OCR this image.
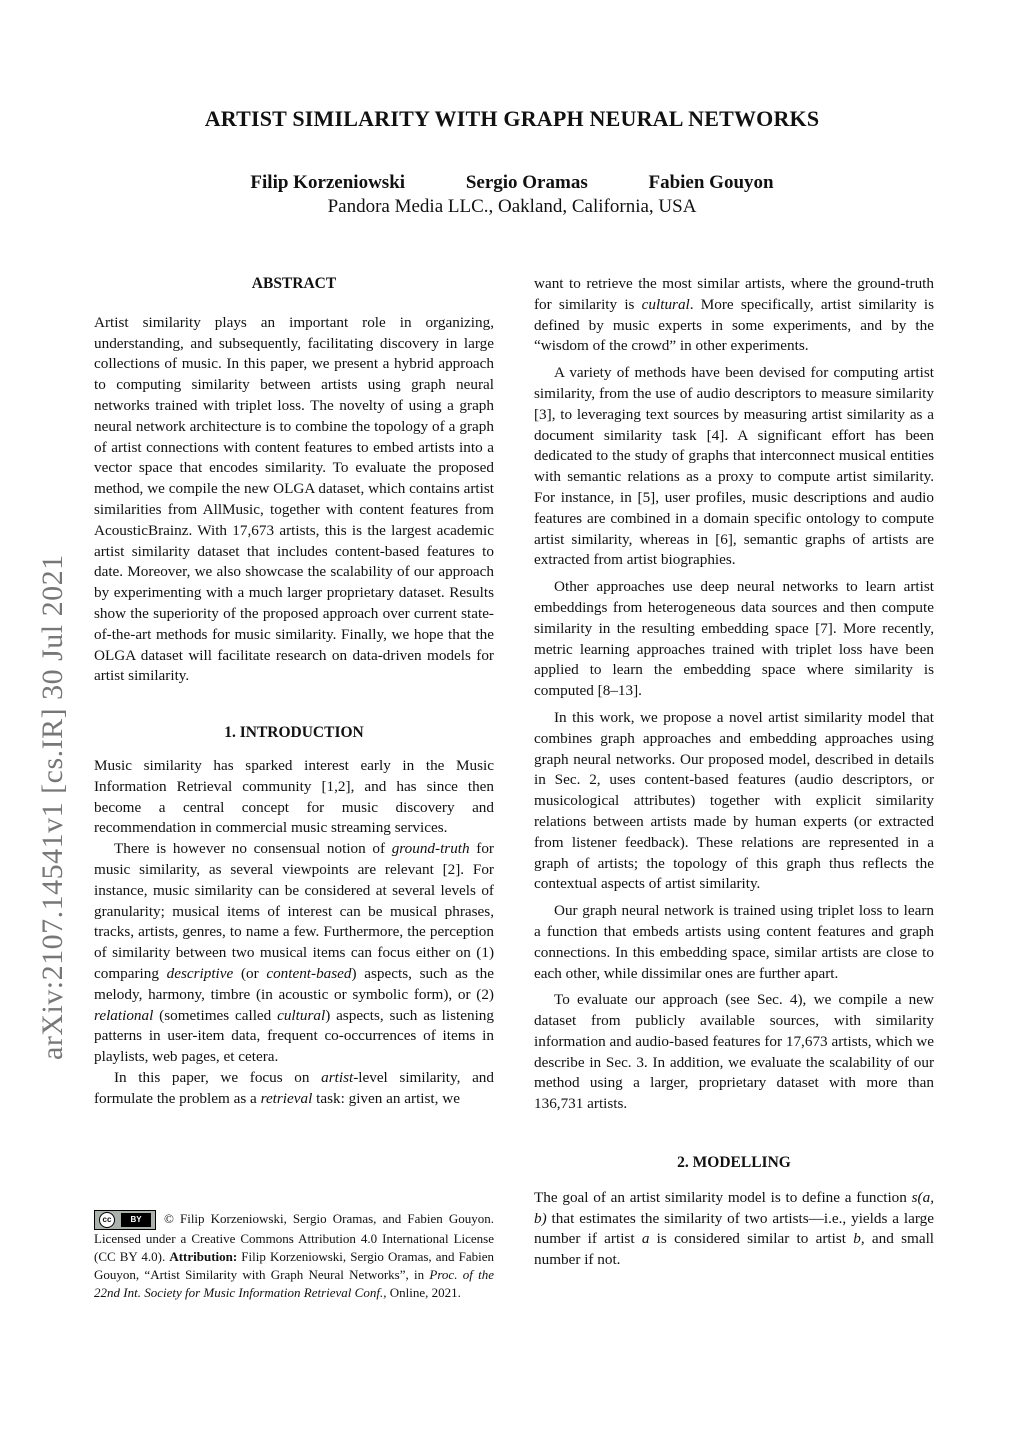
ARTIST SIMILARITY WITH GRAPH NEURAL NETWORKS
Filip Korzeniowski	Sergio Oramas	Fabien Gouyon
Pandora Media LLC., Oakland, California, USA
arXiv:2107.14541v1 [cs.IR] 30 Jul 2021

ABSTRACT

Artist similarity plays an important role in organizing, understanding, and subsequently, facilitating discovery in large collections of music. In this paper, we present a hybrid approach to computing similarity between artists using graph neural networks trained with triplet loss. The novelty of using a graph neural network architecture is to combine the topology of a graph of artist connections with content features to embed artists into a vector space that encodes similarity. To evaluate the proposed method, we compile the new OLGA dataset, which contains artist similarities from AllMusic, together with content features from AcousticBrainz. With 17,673 artists, this is the largest academic artist similarity dataset that includes content-based features to date. Moreover, we also showcase the scalability of our approach by experimenting with a much larger proprietary dataset. Results show the superiority of the proposed approach over current state-of-the-art methods for music similarity. Finally, we hope that the OLGA dataset will facilitate research on data-driven models for artist similarity.

1. INTRODUCTION

Music similarity has sparked interest early in the Music Information Retrieval community [1,2], and has since then become a central concept for music discovery and recommendation in commercial music streaming services.

There is however no consensual notion of ground-truth for music similarity, as several viewpoints are relevant [2]. For instance, music similarity can be considered at several levels of granularity; musical items of interest can be musical phrases, tracks, artists, genres, to name a few. Furthermore, the perception of similarity between two musical items can focus either on (1) comparing descriptive (or content-based) aspects, such as the melody, harmony, timbre (in acoustic or symbolic form), or (2) relational (sometimes called cultural) aspects, such as listening patterns in user-item data, frequent co-occurrences of items in playlists, web pages, et cetera.

In this paper, we focus on artist-level similarity, and formulate the problem as a retrieval task: given an artist, we

cc	BY	© Filip Korzeniowski, Sergio Oramas, and Fabien Gouyon. Licensed under a Creative Commons Attribution 4.0 International License (CC BY 4.0). Attribution: Filip Korzeniowski, Sergio Oramas, and Fabien Gouyon, “Artist Similarity with Graph Neural Networks”, in Proc. of the 22nd Int. Society for Music Information Retrieval Conf., Online, 2021.

want to retrieve the most similar artists, where the ground-truth for similarity is cultural. More specifically, artist similarity is defined by music experts in some experiments, and by the “wisdom of the crowd” in other experiments.

A variety of methods have been devised for computing artist similarity, from the use of audio descriptors to measure similarity [3], to leveraging text sources by measuring artist similarity as a document similarity task [4]. A significant effort has been dedicated to the study of graphs that interconnect musical entities with semantic relations as a proxy to compute artist similarity. For instance, in [5], user profiles, music descriptions and audio features are combined in a domain specific ontology to compute artist similarity, whereas in [6], semantic graphs of artists are extracted from artist biographies.

Other approaches use deep neural networks to learn artist embeddings from heterogeneous data sources and then compute similarity in the resulting embedding space [7]. More recently, metric learning approaches trained with triplet loss have been applied to learn the embedding space where similarity is computed [8–13].

In this work, we propose a novel artist similarity model that combines graph approaches and embedding approaches using graph neural networks. Our proposed model, described in details in Sec. 2, uses content-based features (audio descriptors, or musicological attributes) together with explicit similarity relations between artists made by human experts (or extracted from listener feedback). These relations are represented in a graph of artists; the topology of this graph thus reflects the contextual aspects of artist similarity.

Our graph neural network is trained using triplet loss to learn a function that embeds artists using content features and graph connections. In this embedding space, similar artists are close to each other, while dissimilar ones are further apart.

To evaluate our approach (see Sec. 4), we compile a new dataset from publicly available sources, with similarity information and audio-based features for 17,673 artists, which we describe in Sec. 3. In addition, we evaluate the scalability of our method using a larger, proprietary dataset with more than 136,731 artists.

2. MODELLING

The goal of an artist similarity model is to define a function s(a, b) that estimates the similarity of two artists—i.e., yields a large number if artist a is considered similar to artist b, and small number if not.
